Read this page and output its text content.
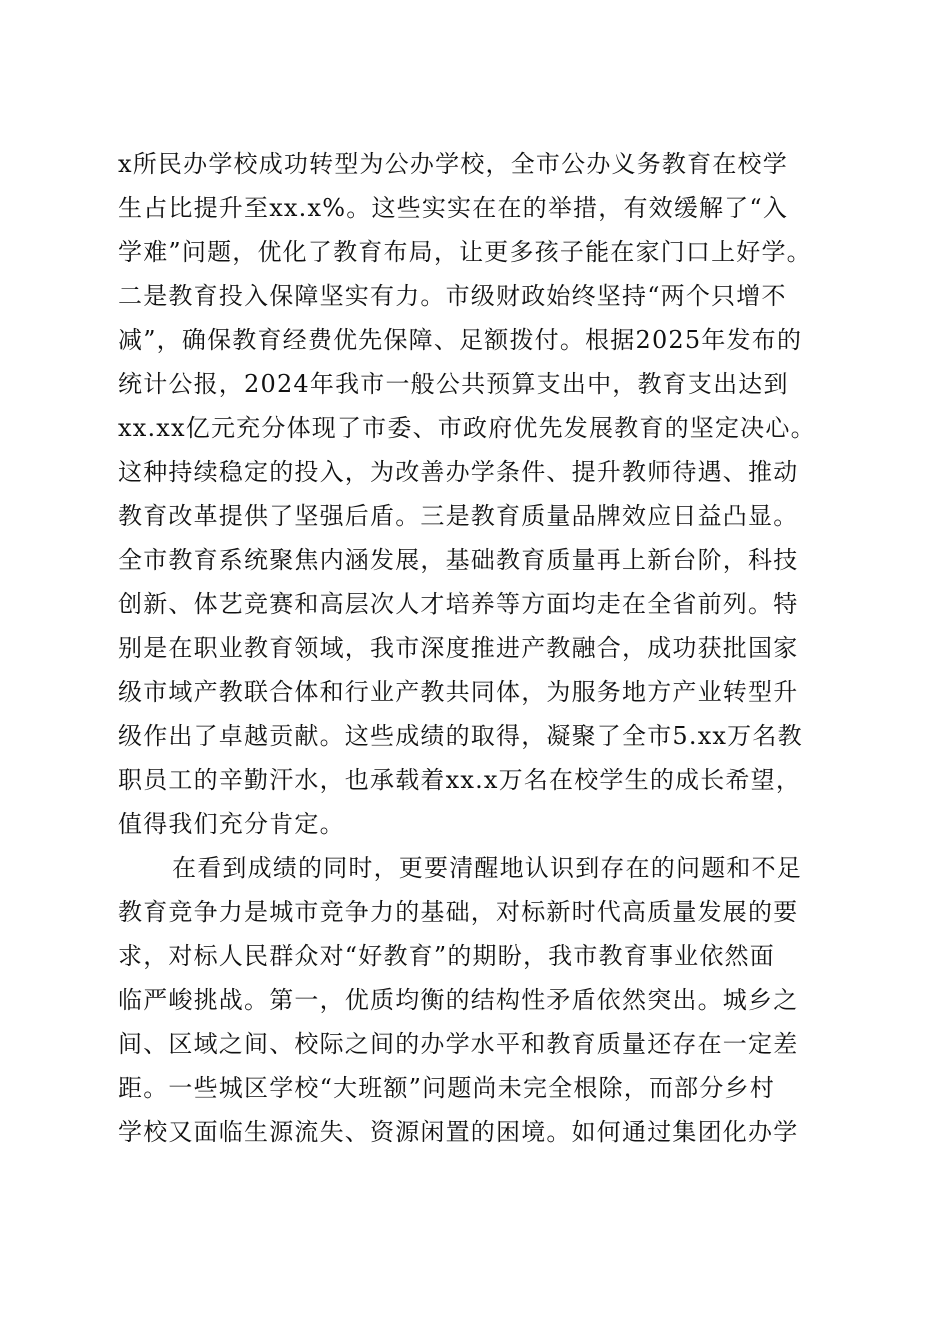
x所民办学校成功转型为公办学校，全市公办义务教育在校学
生占比提升至xx.x%。这些实实在在的举措，有效缓解了“入
学难”问题，优化了教育布局，让更多孩子能在家门口上好学。
二是教育投入保障坚实有力。市级财政始终坚持“两个只增不
减”，确保教育经费优先保障、足额拨付。根据2025年发布的
统计公报，2024年我市一般公共预算支出中，教育支出达到
xx.xx亿元充分体现了市委、市政府优先发展教育的坚定决心。
这种持续稳定的投入，为改善办学条件、提升教师待遇、推动
教育改革提供了坚强后盾。三是教育质量品牌效应日益凸显。
全市教育系统聚焦内涵发展，基础教育质量再上新台阶，科技
创新、体艺竞赛和高层次人才培养等方面均走在全省前列。特
别是在职业教育领域，我市深度推进产教融合，成功获批国家
级市域产教联合体和行业产教共同体，为服务地方产业转型升
级作出了卓越贡献。这些成绩的取得，凝聚了全市5.xx万名教
职员工的辛勤汗水，也承载着xx.x万名在校学生的成长希望，
值得我们充分肯定。
在看到成绩的同时，更要清醒地认识到存在的问题和不足
教育竞争力是城市竞争力的基础，对标新时代高质量发展的要
求，对标人民群众对“好教育”的期盼，我市教育事业依然面
临严峻挑战。第一，优质均衡的结构性矛盾依然突出。城乡之
间、区域之间、校际之间的办学水平和教育质量还存在一定差
距。一些城区学校“大班额”问题尚未完全根除，而部分乡村
学校又面临生源流失、资源闲置的困境。如何通过集团化办学
